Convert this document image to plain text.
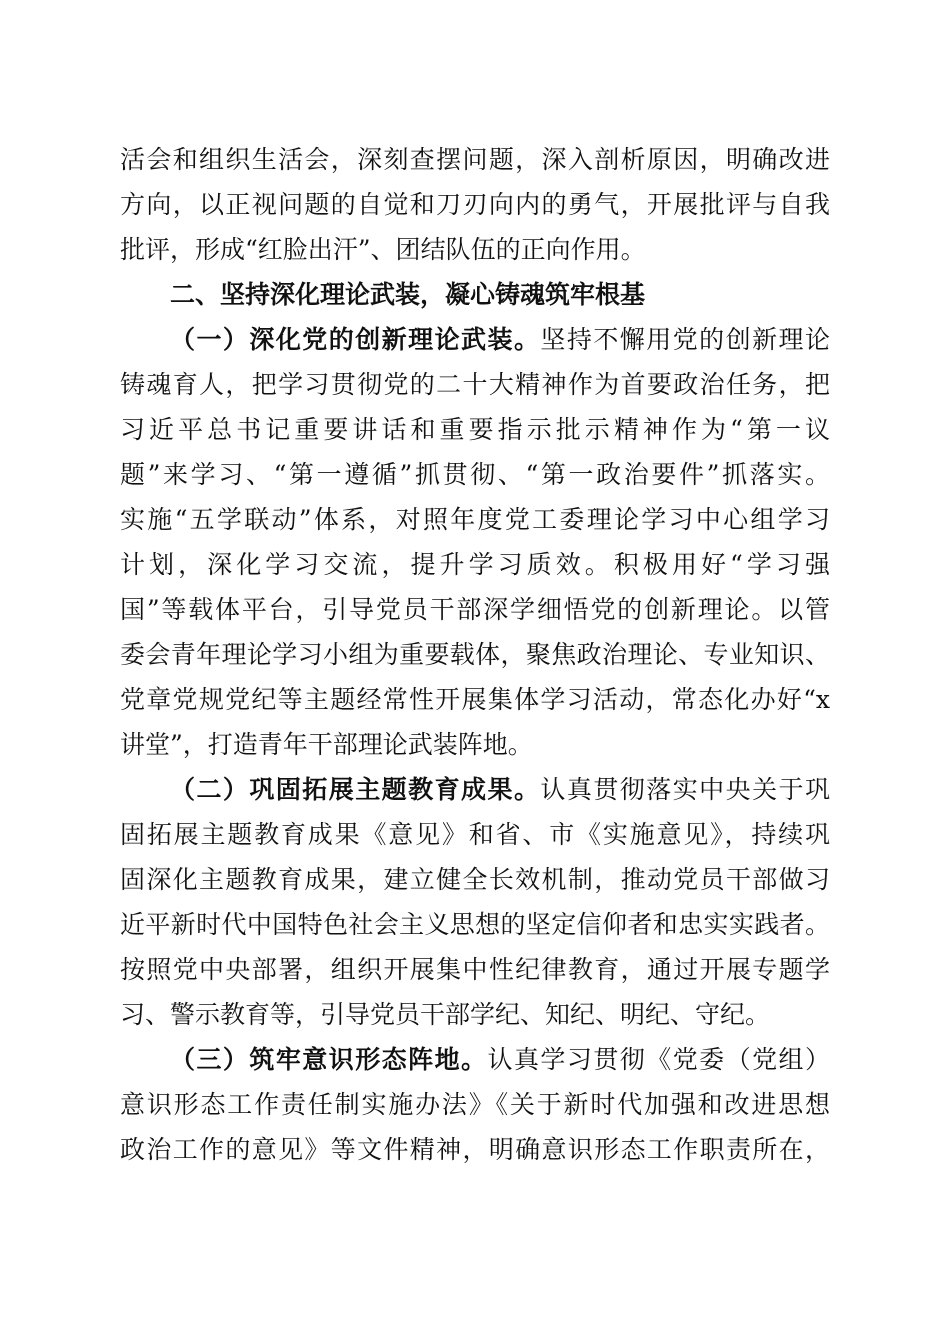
活会和组织生活会，深刻查摆问题，深入剖析原因，明确改进
方向，以正视问题的自觉和刀刃向内的勇气，开展批评与自我
批评，形成“红脸出汗”、团结队伍的正向作用。
二、坚持深化理论武装，凝心铸魂筑牢根基
（一）深化党的创新理论武装。坚持不懈用党的创新理论
铸魂育人，把学习贯彻党的二十大精神作为首要政治任务，把
习近平总书记重要讲话和重要指示批示精神作为“第一议
题”来学习、“第一遵循”抓贯彻、“第一政治要件”抓落实。
实施“五学联动”体系，对照年度党工委理论学习中心组学习
计划，深化学习交流，提升学习质效。积极用好“学习强
国”等载体平台，引导党员干部深学细悟党的创新理论。以管
委会青年理论学习小组为重要载体，聚焦政治理论、专业知识、
党章党规党纪等主题经常性开展集体学习活动，常态化办好“x
讲堂”，打造青年干部理论武装阵地。
（二）巩固拓展主题教育成果。认真贯彻落实中央关于巩
固拓展主题教育成果《意见》和省、市《实施意见》，持续巩
固深化主题教育成果，建立健全长效机制，推动党员干部做习
近平新时代中国特色社会主义思想的坚定信仰者和忠实实践者。
按照党中央部署，组织开展集中性纪律教育，通过开展专题学
习、警示教育等，引导党员干部学纪、知纪、明纪、守纪。
（三）筑牢意识形态阵地。认真学习贯彻《党委（党组）
意识形态工作责任制实施办法》《关于新时代加强和改进思想
政治工作的意见》等文件精神，明确意识形态工作职责所在，
